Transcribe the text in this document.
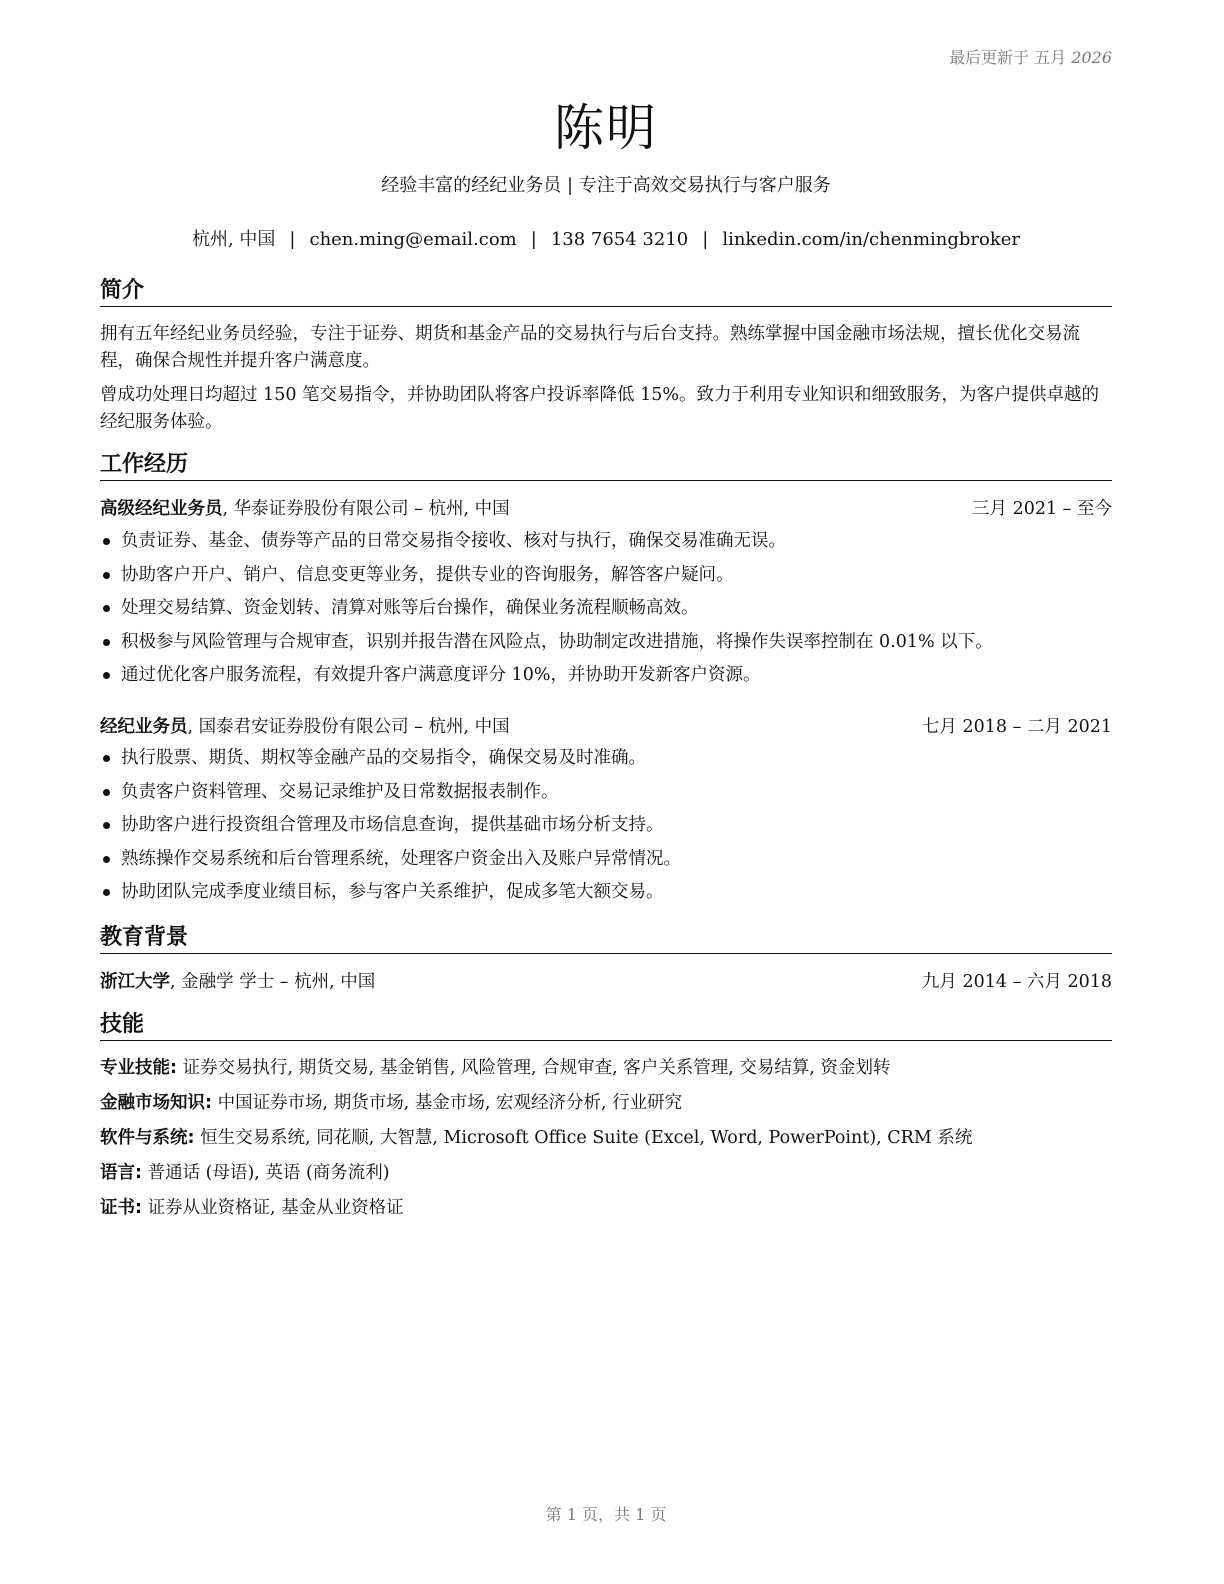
最后更新于 五月 2026
陈明
经验丰富的经纪业务员 | 专注于高效交易执行与客户服务
杭州, 中国 | chen.ming@email.com | 138 7654 3210 | linkedin.com/in/chenmingbroker
简介

拥有五年经纪业务员经验，专注于证券、期货和基金产品的交易执行与后台支持。熟练掌握中国金融市场法规，擅长优化交易流程，确保合规性并提升客户满意度。

曾成功处理日均超过 150 笔交易指令，并协助团队将客户投诉率降低 15%。致力于利用专业知识和细致服务，为客户提供卓越的经纪服务体验。

工作经历
高级经纪业务员, 华泰证券股份有限公司 – 杭州, 中国	三月 2021 – 至今
负责证券、基金、债券等产品的日常交易指令接收、核对与执行，确保交易准确无误。
协助客户开户、销户、信息变更等业务，提供专业的咨询服务，解答客户疑问。
处理交易结算、资金划转、清算对账等后台操作，确保业务流程顺畅高效。
积极参与风险管理与合规审查，识别并报告潜在风险点，协助制定改进措施，将操作失误率控制在 0.01% 以下。
通过优化客户服务流程，有效提升客户满意度评分 10%，并协助开发新客户资源。
经纪业务员, 国泰君安证券股份有限公司 – 杭州, 中国	七月 2018 – 二月 2021
执行股票、期货、期权等金融产品的交易指令，确保交易及时准确。
负责客户资料管理、交易记录维护及日常数据报表制作。
协助客户进行投资组合管理及市场信息查询，提供基础市场分析支持。
熟练操作交易系统和后台管理系统，处理客户资金出入及账户异常情况。
协助团队完成季度业绩目标，参与客户关系维护，促成多笔大额交易。
教育背景
浙江大学, 金融学 学士 – 杭州, 中国	九月 2014 – 六月 2018
技能
专业技能: 证券交易执行, 期货交易, 基金销售, 风险管理, 合规审查, 客户关系管理, 交易结算, 资金划转
金融市场知识: 中国证券市场, 期货市场, 基金市场, 宏观经济分析, 行业研究
软件与系统: 恒生交易系统, 同花顺, 大智慧, Microsoft Office Suite (Excel, Word, PowerPoint), CRM 系统
语言: 普通话 (母语), 英语 (商务流利)
证书: 证券从业资格证, 基金从业资格证
第 1 页，共 1 页
